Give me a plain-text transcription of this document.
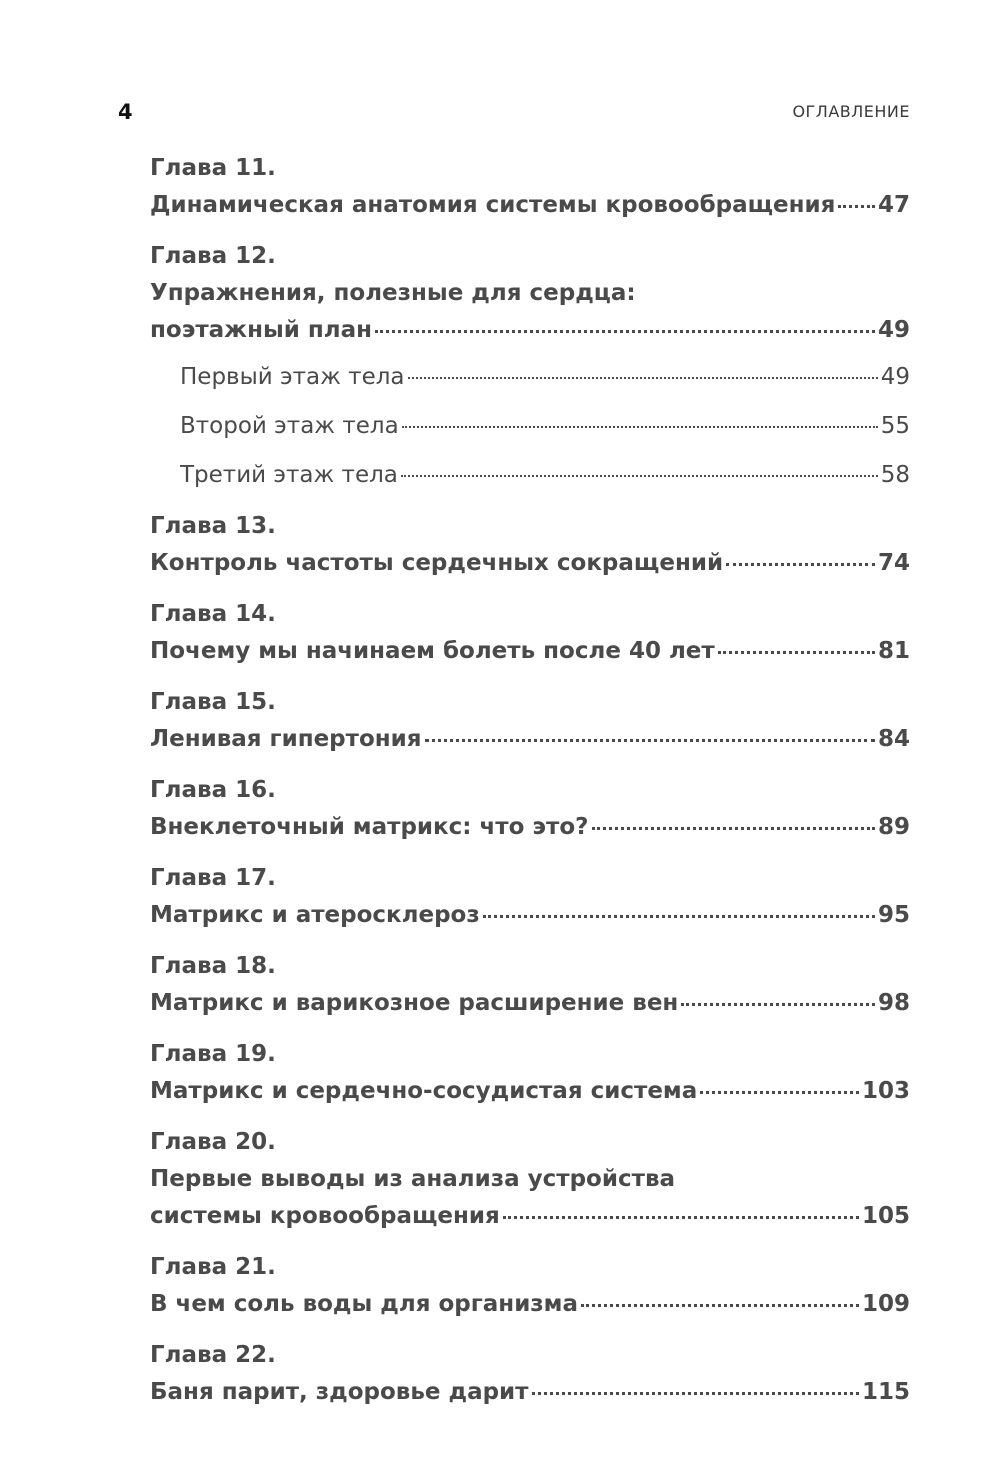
4	ОГЛАВЛЕНИЕ
Глава 11.
Динамическая анатомия системы кровообращения 47
Глава 12.
Упражнения, полезные для сердца:
поэтажный план	49
Первый этаж тела	49
Второй этаж тела	55
Третий этаж тела	58
Глава 13.
Контроль частоты сердечных сокращений	74
Глава 14.
Почему мы начинаем болеть после 40 лет	81
Глава 15.
Ленивая гипертония	84
Глава 16.
Внеклеточный матрикс: что это?	89
Глава 17.
Матрикс и атеросклероз	95
Глава 18.
Матрикс и варикозное расширение вен	98
Глава 19.
Матрикс и сердечно-сосудистая система	103
Глава 20.
Первые выводы из анализа устройства
системы кровообращения	105
Глава 21.
В чем соль воды для организма	109
Глава 22.
Баня парит, здоровье дарит	115
